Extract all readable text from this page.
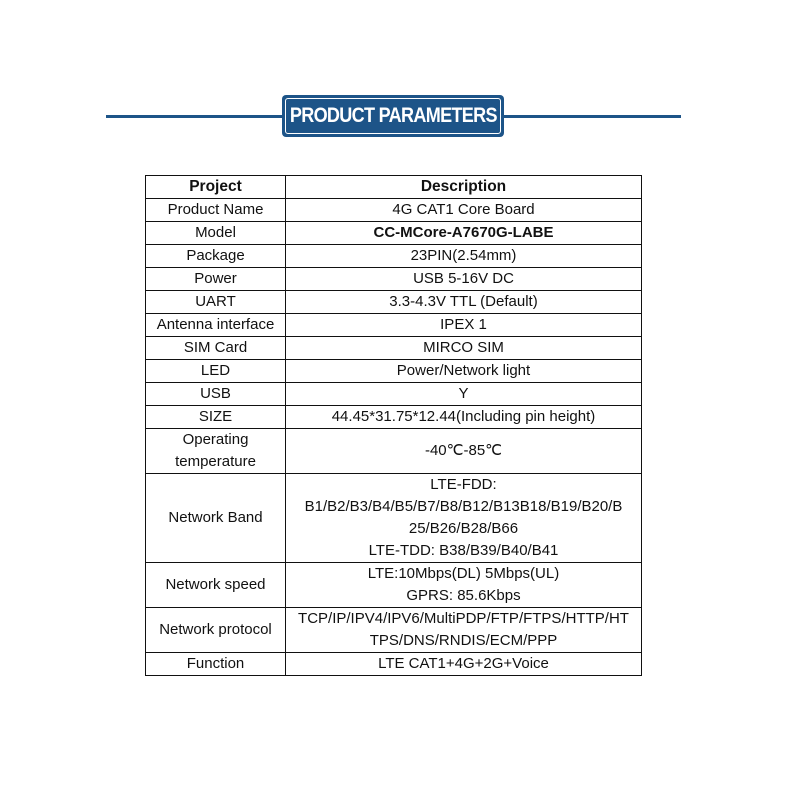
PRODUCT PARAMETERS
Project	Description
Product Name	4G CAT1 Core Board

Model	CC-MCore-A7670G-LABE

Package	23PIN(2.54mm)

Power	USB 5-16V DC

UART	3.3-4.3V TTL (Default)

Antenna interface	IPEX 1

SIM Card	MIRCO SIM

LED	Power/Network light

USB	Y

SIZE	44.45*31.75*12.44(Including pin height)

Operating
temperature	-40℃-85℃

Network Band	LTE-FDD:
B1/B2/B3/B4/B5/B7/B8/B12/B13B18/B19/B20/B
25/B26/B28/B66
LTE-TDD: B38/B39/B40/B41

Network speed	LTE:10Mbps(DL) 5Mbps(UL)
GPRS: 85.6Kbps

Network protocol	TCP/IP/IPV4/IPV6/MultiPDP/FTP/FTPS/HTTP/HT
TPS/DNS/RNDIS/ECM/PPP

Function	LTE CAT1+4G+2G+Voice
